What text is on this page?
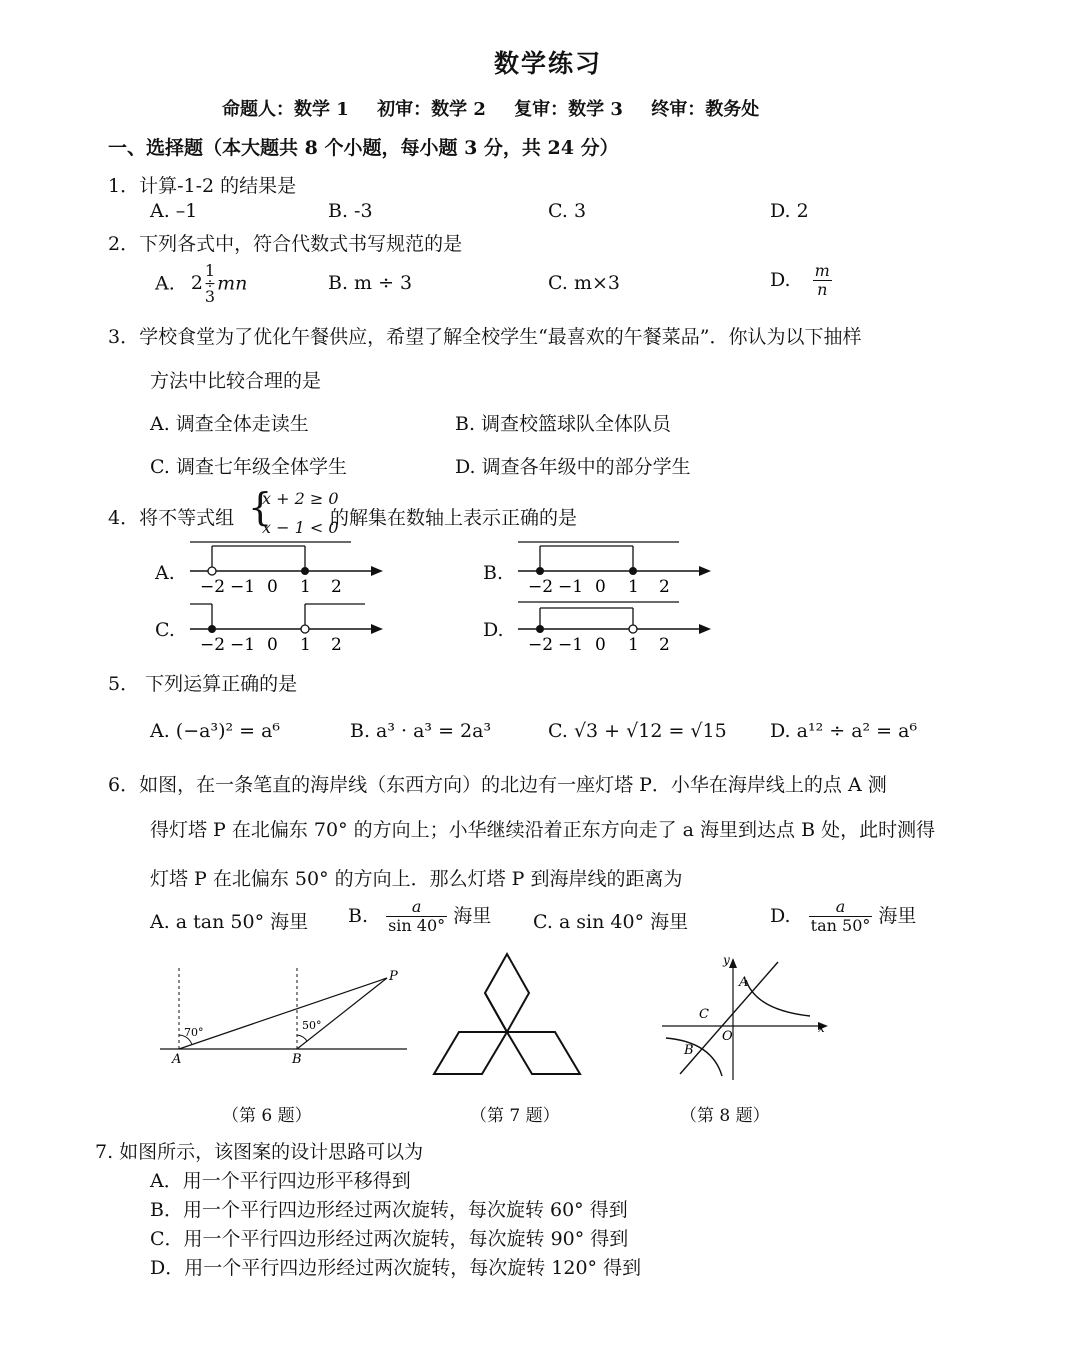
数学练习
命题人：数学 1 初审：数学 2 复审：数学 3 终审：教务处
一、选择题（本大题共 8 个小题，每小题 3 分，共 24 分）
1．计算-1-2 的结果是
A. –1	B. -3	C. 3	D. 2
2．下列各式中，符合代数式书写规范的是
A. 2
1
÷
3
mn	B. m ÷ 3	C. m×3	D. $\frac{m}{n}$
3．学校食堂为了优化午餐供应，希望了解全校学生“最喜欢的午餐菜品”．你认为以下抽样
方法中比较合理的是
A. 调查全体走读生	B. 调查校篮球队全体队员
C. 调查七年级全体学生	D. 调查各年级中的部分学生
4．将不等式组 {
x + 2 ≥ 0
x − 1 < 0
的解集在数轴上表示正确的是
A.	B.
C.	D.
−2 −1 0 1 2	−2 −1 0 1 2
−2 −1 0 1 2	−2 −1 0 1 2
5． 下列运算正确的是
A. (−a³)² = a⁶	B. a³ · a³ = 2a³	C. √3 + √12 = √15 D. a¹² ÷ a² = a⁶
6．如图，在一条笔直的海岸线（东西方向）的北边有一座灯塔 P．小华在海岸线上的点 A 测
得灯塔 P 在北偏东 70° 的方向上；小华继续沿着正东方向走了 a 海里到达点 B 处，此时测得
灯塔 P 在北偏东 50° 的方向上．那么灯塔 P 到海岸线的距离为
A. a tan 50° 海里 B. $\frac{a}{\sin 40^\circ}$ 海里 C. a sin 40° 海里	D. $\frac{a}{\tan 50^\circ}$ 海里
P
A	B
70°
50°
y
x
O
A
B
C
（第 6 题）	（第 7 题）	（第 8 题）
7. 如图所示，该图案的设计思路可以为
A．用一个平行四边形平移得到
B．用一个平行四边形经过两次旋转，每次旋转 60° 得到
C．用一个平行四边形经过两次旋转，每次旋转 90° 得到
D．用一个平行四边形经过两次旋转，每次旋转 120° 得到
